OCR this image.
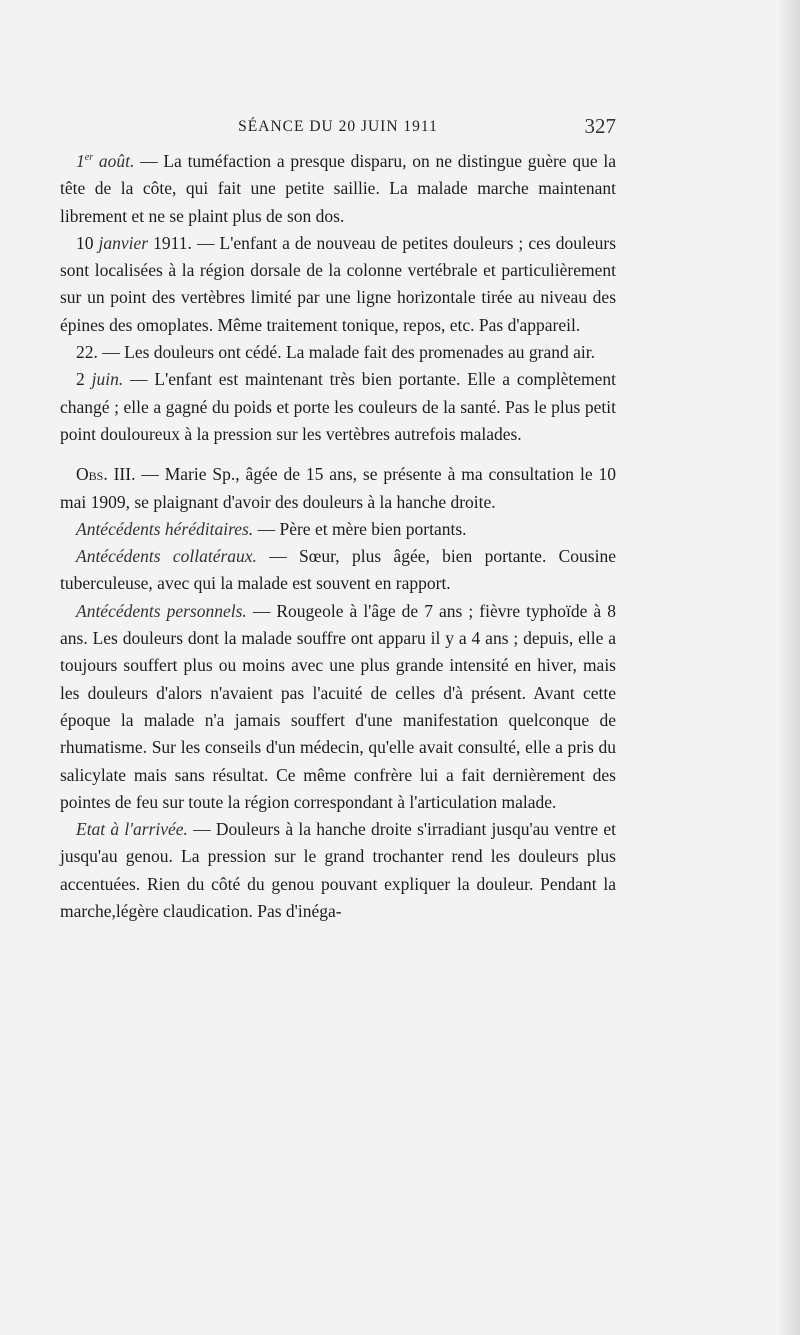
SÉANCE DU 20 JUIN 1911	327

1er août. — La tuméfaction a presque disparu, on ne distingue guère que la tête de la côte, qui fait une petite saillie. La malade marche maintenant librement et ne se plaint plus de son dos.

10 janvier 1911. — L'enfant a de nouveau de petites douleurs ; ces douleurs sont localisées à la région dorsale de la colonne vertébrale et particulièrement sur un point des vertèbres limité par une ligne horizontale tirée au niveau des épines des omoplates. Même traitement tonique, repos, etc. Pas d'appareil.

22. — Les douleurs ont cédé. La malade fait des promenades au grand air.

2 juin. — L'enfant est maintenant très bien portante. Elle a complètement changé ; elle a gagné du poids et porte les couleurs de la santé. Pas le plus petit point douloureux à la pression sur les vertèbres autrefois malades.

Obs. III. — Marie Sp., âgée de 15 ans, se présente à ma consultation le 10 mai 1909, se plaignant d'avoir des douleurs à la hanche droite.

Antécédents héréditaires. — Père et mère bien portants.

Antécédents collatéraux. — Sœur, plus âgée, bien portante. Cousine tuberculeuse, avec qui la malade est souvent en rapport.

Antécédents personnels. — Rougeole à l'âge de 7 ans ; fièvre typhoïde à 8 ans. Les douleurs dont la malade souffre ont apparu il y a 4 ans ; depuis, elle a toujours souffert plus ou moins avec une plus grande intensité en hiver, mais les douleurs d'alors n'avaient pas l'acuité de celles d'à présent. Avant cette époque la malade n'a jamais souffert d'une manifestation quelconque de rhumatisme. Sur les conseils d'un médecin, qu'elle avait consulté, elle a pris du salicylate mais sans résultat. Ce même confrère lui a fait dernièrement des pointes de feu sur toute la région correspondant à l'articulation malade.

Etat à l'arrivée. — Douleurs à la hanche droite s'irradiant jusqu'au ventre et jusqu'au genou. La pression sur le grand trochanter rend les douleurs plus accentuées. Rien du côté du genou pouvant expliquer la douleur. Pendant la marche,légère claudication. Pas d'inéga-
